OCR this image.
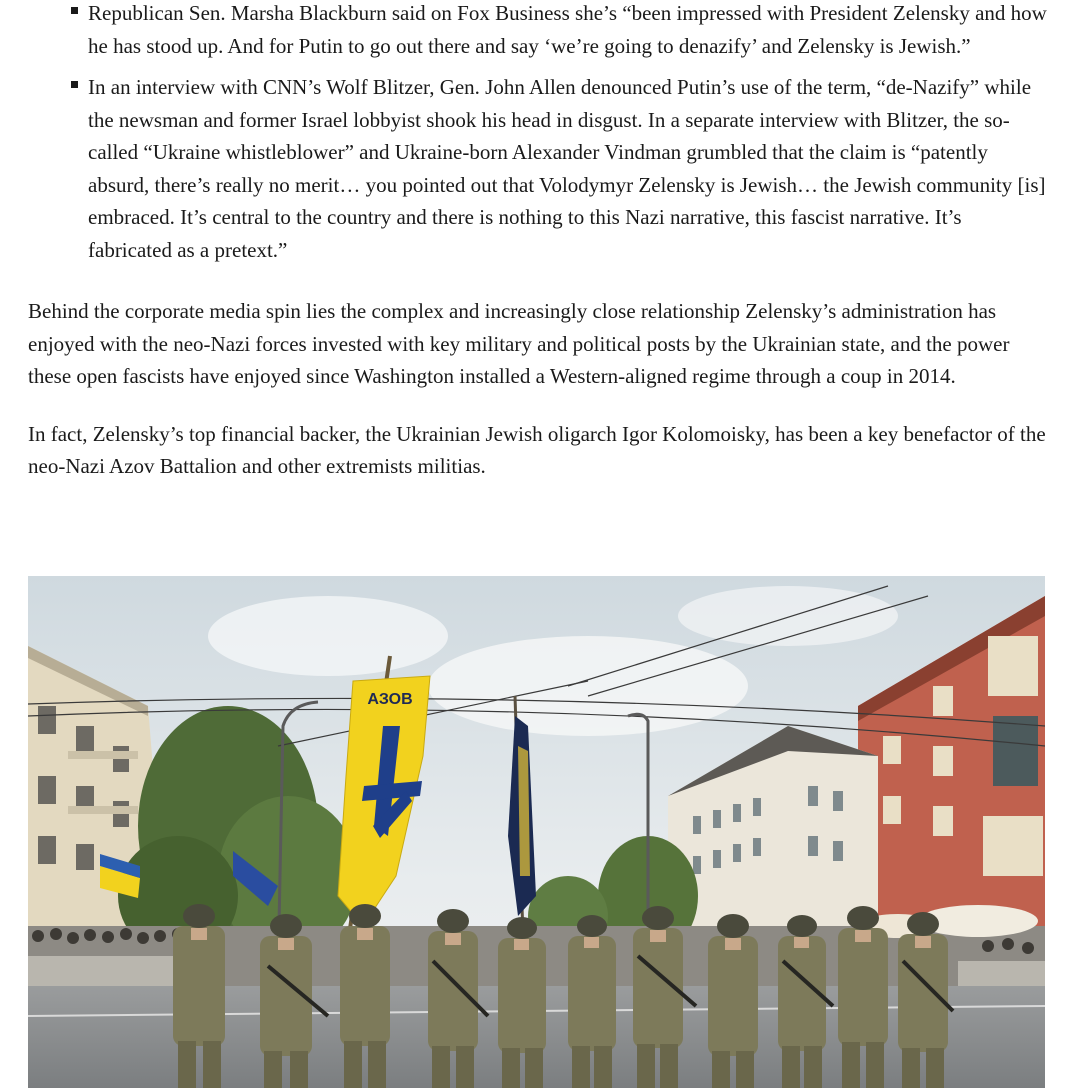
Republican Sen. Marsha Blackburn said on Fox Business she’s “been impressed with President Zelensky and how he has stood up. And for Putin to go out there and say ‘we’re going to denazify’ and Zelensky is Jewish.”
In an interview with CNN’s Wolf Blitzer, Gen. John Allen denounced Putin’s use of the term, “de-Nazify” while the newsman and former Israel lobbyist shook his head in disgust. In a separate interview with Blitzer, the so-called “Ukraine whistleblower” and Ukraine-born Alexander Vindman grumbled that the claim is “patently absurd, there’s really no merit… you pointed out that Volodymyr Zelensky is Jewish… the Jewish community [is] embraced. It’s central to the country and there is nothing to this Nazi narrative, this fascist narrative. It’s fabricated as a pretext.”

Behind the corporate media spin lies the complex and increasingly close relationship Zelensky’s administration has enjoyed with the neo-Nazi forces invested with key military and political posts by the Ukrainian state, and the power these open fascists have enjoyed since Washington installed a Western-aligned regime through a coup in 2014.

In fact, Zelensky’s top financial backer, the Ukrainian Jewish oligarch Igor Kolomoisky, has been a key benefactor of the neo-Nazi Azov Battalion and other extremists militias.

АЗОВ
